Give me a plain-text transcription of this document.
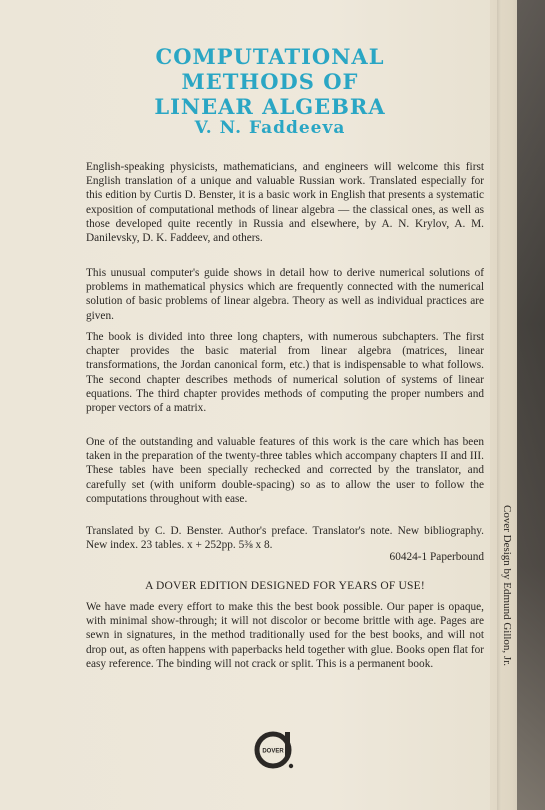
COMPUTATIONAL
METHODS OF
LINEAR ALGEBRA
V. N. Faddeeva
English-speaking physicists, mathematicians, and engineers will welcome this first English translation of a unique and valuable Russian work. Translated especially for this edition by Curtis D. Benster, it is a basic work in English that presents a systematic exposition of computational methods of linear algebra — the classical ones, as well as those developed quite recently in Russia and elsewhere, by A. N. Krylov, A. M. Danilevsky, D. K. Faddeev, and others.
This unusual computer's guide shows in detail how to derive numerical solutions of problems in mathematical physics which are frequently connected with the numerical solution of basic problems of linear algebra. Theory as well as individual practices are given.
The book is divided into three long chapters, with numerous subchapters. The first chapter provides the basic material from linear algebra (matrices, linear transformations, the Jordan canonical form, etc.) that is indispensable to what follows. The second chapter describes methods of numerical solution of systems of linear equations. The third chapter provides methods of computing the proper numbers and proper vectors of a matrix.
One of the outstanding and valuable features of this work is the care which has been taken in the preparation of the twenty-three tables which accompany chapters II and III. These tables have been specially rechecked and corrected by the translator, and carefully set (with uniform double-spacing) so as to allow the user to follow the computations throughout with ease.
Translated by C. D. Benster. Author's preface. Translator's note. New bibliography. New index. 23 tables. x + 252pp. 5⅜ x 8.
60424-1 Paperbound
A DOVER EDITION DESIGNED FOR YEARS OF USE!
We have made every effort to make this the best book possible. Our paper is opaque, with minimal show-through; it will not discolor or become brittle with age. Pages are sewn in signatures, in the method traditionally used for the best books, and will not drop out, as often happens with paperbacks held together with glue. Books open flat for easy reference. The binding will not crack or split. This is a permanent book.	Cover Design by Edmund Gillon, Jr.
DOVER
